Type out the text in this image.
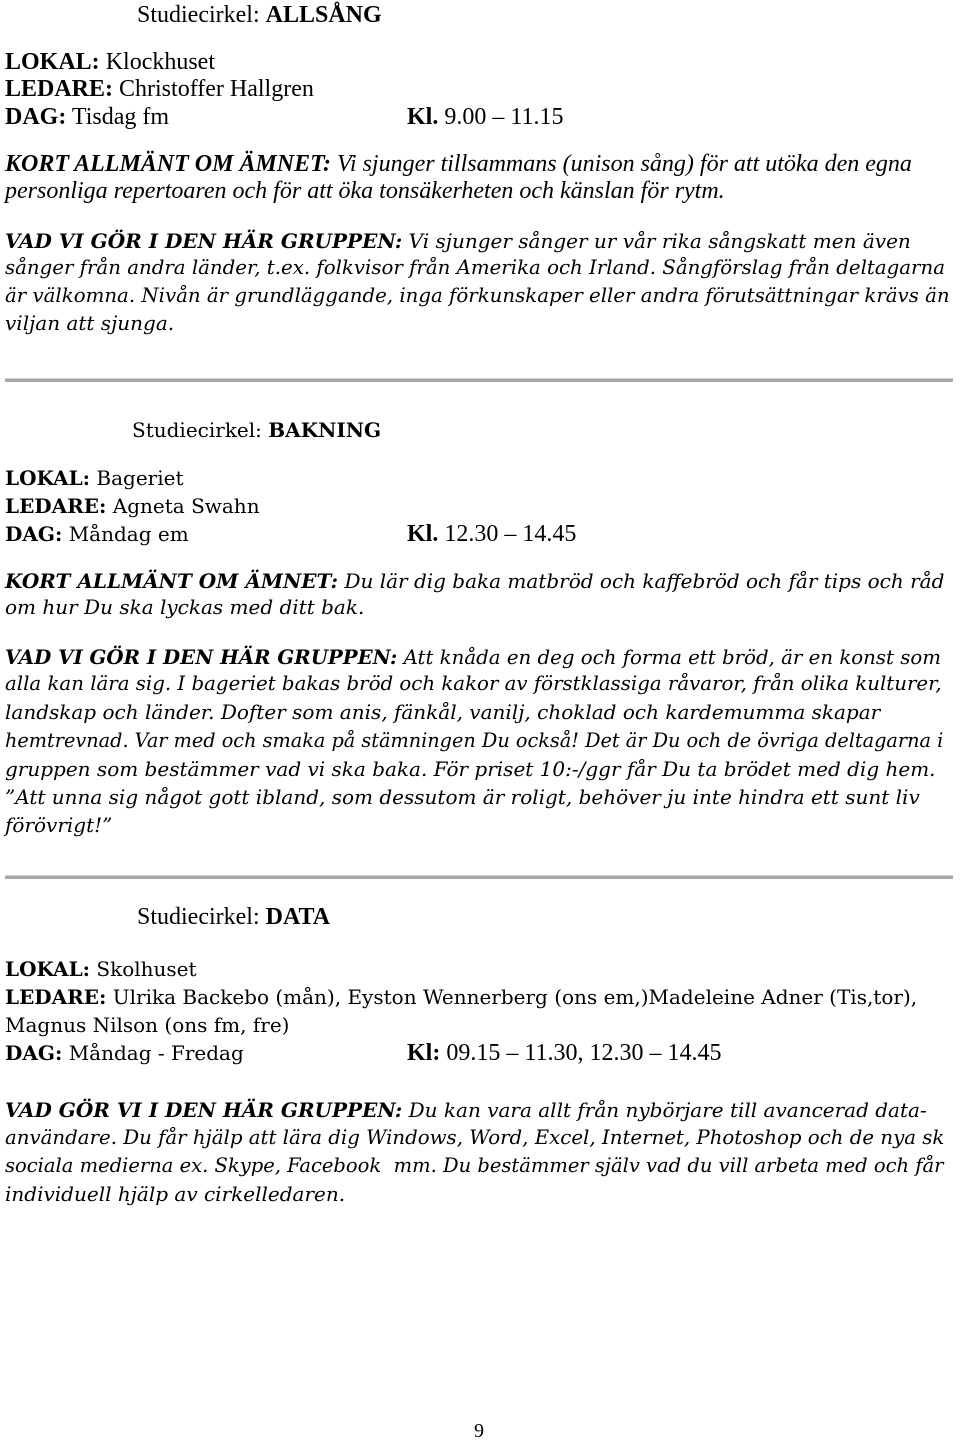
Studiecirkel: ALLSÅNG
LOKAL: Klockhuset
LEDARE: Christoffer Hallgren
DAG: Tisdag fm	Kl. 9.00 – 11.15
KORT ALLMÄNT OM ÄMNET: Vi sjunger tillsammans (unison sång) för att utöka den egna
personliga repertoaren och för att öka tonsäkerheten och känslan för rytm.
VAD VI GÖR I DEN HÄR GRUPPEN: Vi sjunger sånger ur vår rika sångskatt men även
sånger från andra länder, t.ex. folkvisor från Amerika och Irland. Sångförslag från deltagarna
är välkomna. Nivån är grundläggande, inga förkunskaper eller andra förutsättningar krävs än
viljan att sjunga.
Studiecirkel: BAKNING
LOKAL: Bageriet
LEDARE: Agneta Swahn
DAG: Måndag em	Kl. 12.30 – 14.45
KORT ALLMÄNT OM ÄMNET: Du lär dig baka matbröd och kaffebröd och får tips och råd
om hur Du ska lyckas med ditt bak.
VAD VI GÖR I DEN HÄR GRUPPEN: Att knåda en deg och forma ett bröd, är en konst som
alla kan lära sig. I bageriet bakas bröd och kakor av förstklassiga råvaror, från olika kulturer,
landskap och länder. Dofter som anis, fänkål, vanilj, choklad och kardemumma skapar
hemtrevnad. Var med och smaka på stämningen Du också! Det är Du och de övriga deltagarna i
gruppen som bestämmer vad vi ska baka. För priset 10:-/ggr får Du ta brödet med dig hem.
”Att unna sig något gott ibland, som dessutom är roligt, behöver ju inte hindra ett sunt liv
förövrigt!”
Studiecirkel: DATA
LOKAL: Skolhuset
LEDARE: Ulrika Backebo (mån), Eyston Wennerberg (ons em,)Madeleine Adner (Tis,tor),
Magnus Nilson (ons fm, fre)
DAG: Måndag - Fredag	Kl: 09.15 – 11.30, 12.30 – 14.45
VAD GÖR VI I DEN HÄR GRUPPEN: Du kan vara allt från nybörjare till avancerad data-
användare. Du får hjälp att lära dig Windows, Word, Excel, Internet, Photoshop och de nya sk
sociala medierna ex. Skype, Facebook  mm. Du bestämmer själv vad du vill arbeta med och får
individuell hjälp av cirkelledaren.
9
